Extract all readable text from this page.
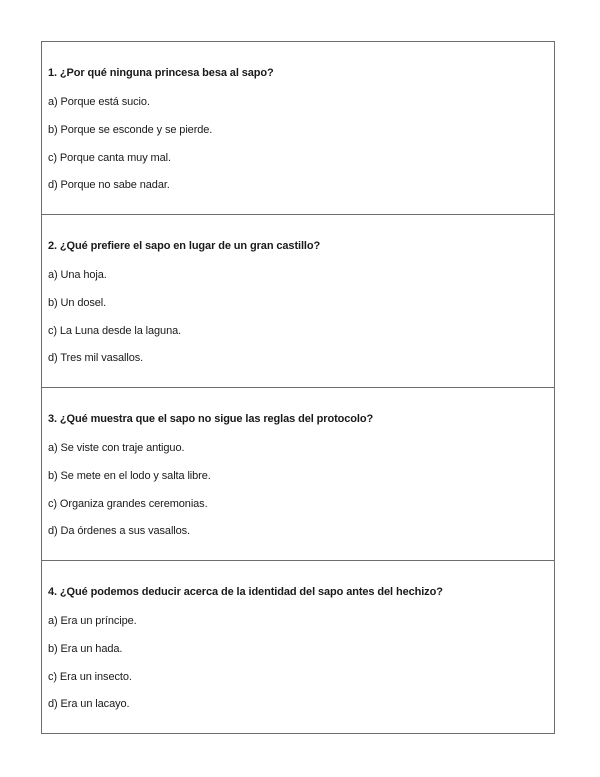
1. ¿Por qué ninguna princesa besa al sapo?
a) Porque está sucio.
b) Porque se esconde y se pierde.
c) Porque canta muy mal.
d) Porque no sabe nadar.
2. ¿Qué prefiere el sapo en lugar de un gran castillo?
a) Una hoja.
b) Un dosel.
c) La Luna desde la laguna.
d) Tres mil vasallos.
3. ¿Qué muestra que el sapo no sigue las reglas del protocolo?
a) Se viste con traje antiguo.
b) Se mete en el lodo y salta libre.
c) Organiza grandes ceremonias.
d) Da órdenes a sus vasallos.
4. ¿Qué podemos deducir acerca de la identidad del sapo antes del hechizo?
a) Era un príncipe.
b) Era un hada.
c) Era un insecto.
d) Era un lacayo.
